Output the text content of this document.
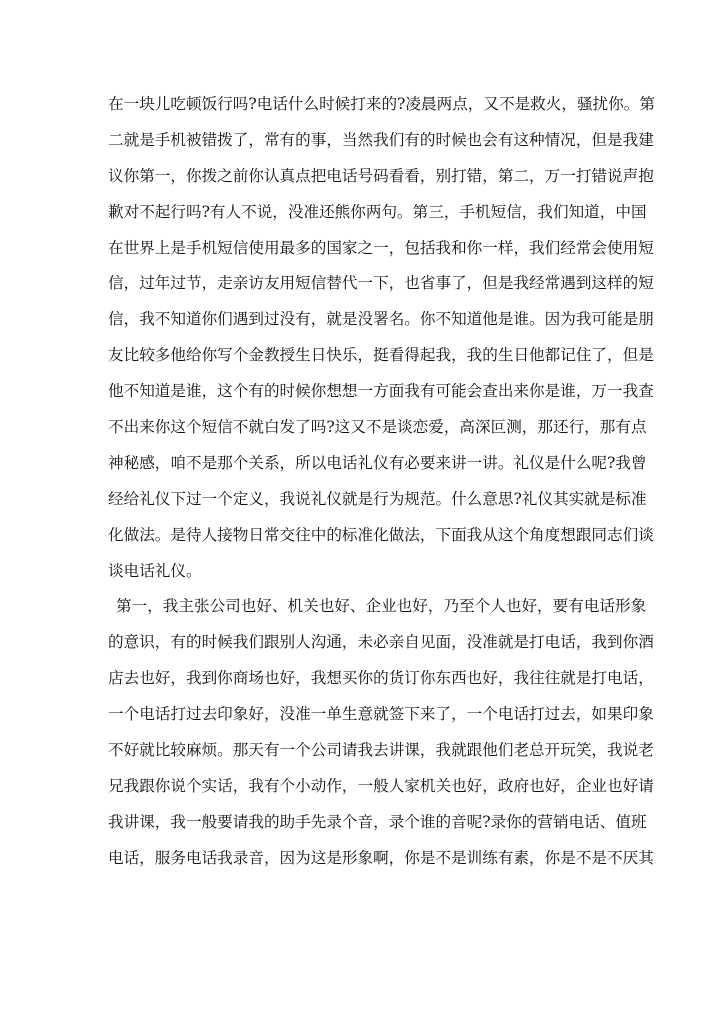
在一块儿吃顿饭行吗?电话什么时候打来的?凌晨两点，又不是救火，骚扰你。第
二就是手机被错拨了，常有的事，当然我们有的时候也会有这种情况，但是我建
议你第一，你拨之前你认真点把电话号码看看，别打错，第二，万一打错说声抱
歉对不起行吗?有人不说，没准还熊你两句。第三，手机短信，我们知道，中国
在世界上是手机短信使用最多的国家之一，包括我和你一样，我们经常会使用短
信，过年过节，走亲访友用短信替代一下，也省事了，但是我经常遇到这样的短
信，我不知道你们遇到过没有，就是没署名。你不知道他是谁。因为我可能是朋
友比较多他给你写个金教授生日快乐，挺看得起我，我的生日他都记住了，但是
他不知道是谁，这个有的时候你想想一方面我有可能会查出来你是谁，万一我查
不出来你这个短信不就白发了吗?这又不是谈恋爱，高深叵测，那还行，那有点
神秘感，咱不是那个关系，所以电话礼仪有必要来讲一讲。礼仪是什么呢?我曾
经给礼仪下过一个定义，我说礼仪就是行为规范。什么意思?礼仪其实就是标准
化做法。是待人接物日常交往中的标准化做法，下面我从这个角度想跟同志们谈
谈电话礼仪。
第一，我主张公司也好、机关也好、企业也好，乃至个人也好，要有电话形象
的意识，有的时候我们跟别人沟通，未必亲自见面，没准就是打电话，我到你酒
店去也好，我到你商场也好，我想买你的货订你东西也好，我往往就是打电话，
一个电话打过去印象好，没准一单生意就签下来了，一个电话打过去，如果印象
不好就比较麻烦。那天有一个公司请我去讲课，我就跟他们老总开玩笑，我说老
兄我跟你说个实话，我有个小动作，一般人家机关也好，政府也好，企业也好请
我讲课，我一般要请我的助手先录个音，录个谁的音呢?录你的营销电话、值班
电话，服务电话我录音，因为这是形象啊，你是不是训练有素，你是不是不厌其
